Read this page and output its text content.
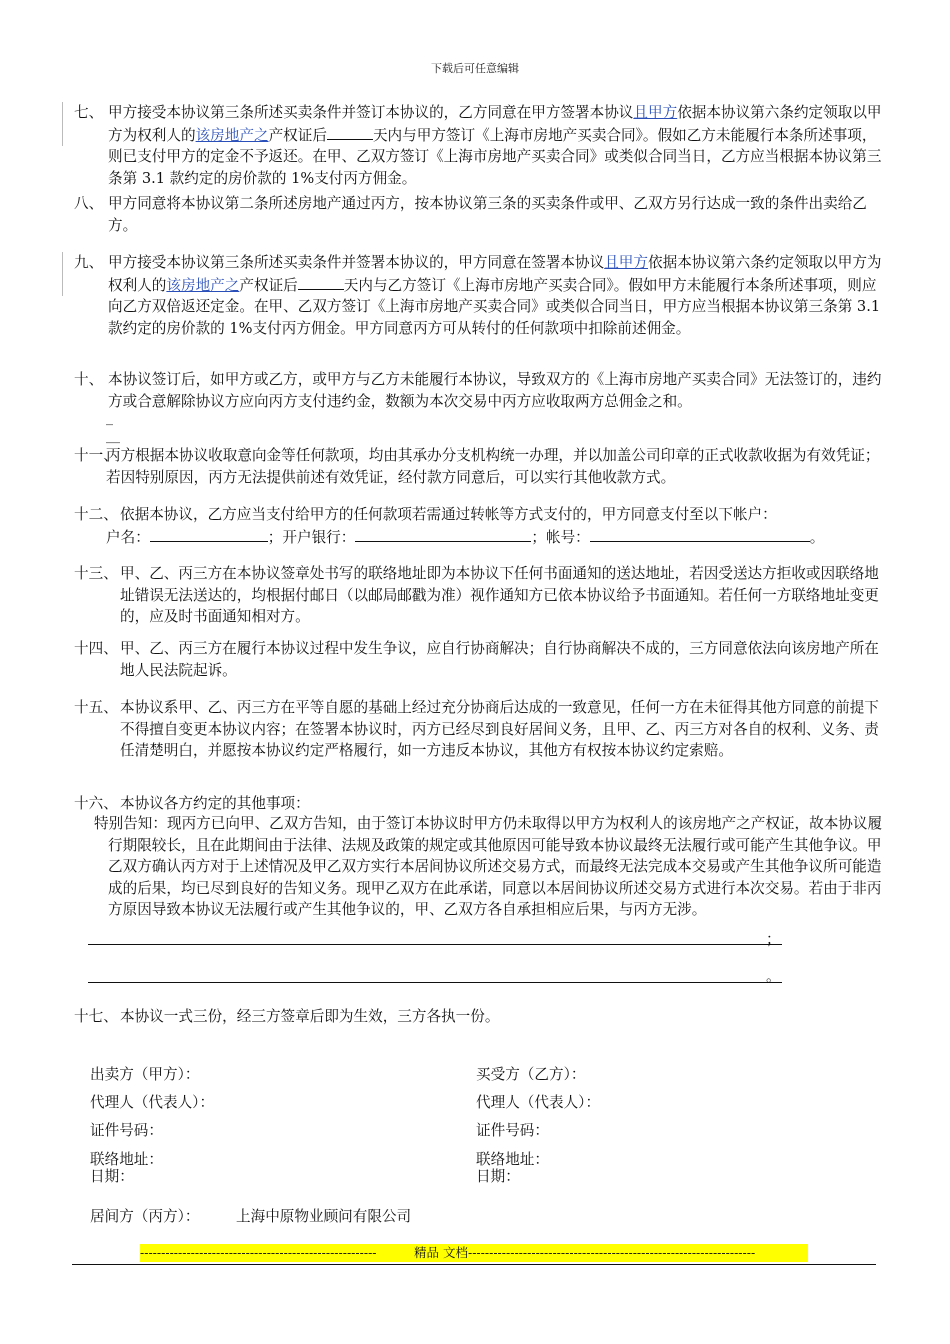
下载后可任意编辑
七、 甲方接受本协议第三条所述买卖条件并签订本协议的，乙方同意在甲方签署本协议且甲方依据本协议第六条约定领取以甲方为权利人的该房地产之产权证后	天内与甲方签订《上海市房地产买卖合同》。假如乙方未能履行本条所述事项，则已支付甲方的定金不予返还。在甲、乙双方签订《上海市房地产买卖合同》或类似合同当日，乙方应当根据本协议第三条第 3.1 款约定的房价款的 1%支付丙方佣金。
八、 甲方同意将本协议第二条所述房地产通过丙方，按本协议第三条的买卖条件或甲、乙双方另行达成一致的条件出卖给乙方。
九、 甲方接受本协议第三条所述买卖条件并签署本协议的，甲方同意在签署本协议且甲方依据本协议第六条约定领取以甲方为权利人的该房地产之产权证后	天内与乙方签订《上海市房地产买卖合同》。假如甲方未能履行本条所述事项，则应向乙方双倍返还定金。在甲、乙双方签订《上海市房地产买卖合同》或类似合同当日，甲方应当根据本协议第三条第 3.1 款约定的房价款的 1%支付丙方佣金。甲方同意丙方可从转付的任何款项中扣除前述佣金。
十、 本协议签订后，如甲方或乙方，或甲方与乙方未能履行本协议，导致双方的《上海市房地产买卖合同》无法签订的，违约方或合意解除协议方应向丙方支付违约金，数额为本次交易中丙方应收取两方总佣金之和。
_
__
十一、
丙方根据本协议收取意向金等任何款项，均由其承办分支机构统一办理，并以加盖公司印章的正式收款收据为有效凭证；若因特别原因，丙方无法提供前述有效凭证，经付款方同意后，可以实行其他收款方式。
十二、 依据本协议，乙方应当支付给甲方的任何款项若需通过转帐等方式支付的，甲方同意支付至以下帐户：
户名：	；开户银行：	；帐号：	。
十三、 甲、乙、丙三方在本协议签章处书写的联络地址即为本协议下任何书面通知的送达地址，若因受送达方拒收或因联络地址错误无法送达的，均根据付邮日（以邮局邮戳为准）视作通知方已依本协议给予书面通知。若任何一方联络地址变更的，应及时书面通知相对方。
十四、 甲、乙、丙三方在履行本协议过程中发生争议，应自行协商解决；自行协商解决不成的，三方同意依法向该房地产所在地人民法院起诉。
十五、 本协议系甲、乙、丙三方在平等自愿的基础上经过充分协商后达成的一致意见，任何一方在未征得其他方同意的前提下不得擅自变更本协议内容；在签署本协议时，丙方已经尽到良好居间义务，且甲、乙、丙三方对各自的权利、义务、责任清楚明白，并愿按本协议约定严格履行，如一方违反本协议，其他方有权按本协议约定索赔。
十六、 本协议各方约定的其他事项：
特别告知：现丙方已向甲、乙双方告知，由于签订本协议时甲方仍未取得以甲方为权利人的该房地产之产权证，故本协议履行期限较长，且在此期间由于法律、法规及政策的规定或其他原因可能导致本协议最终无法履行或可能产生其他争议。甲乙双方确认丙方对于上述情况及甲乙双方实行本居间协议所述交易方式，而最终无法完成本交易或产生其他争议所可能造成的后果，均已尽到良好的告知义务。现甲乙双方在此承诺，同意以本居间协议所述交易方式进行本次交易。若由于非丙方原因导致本协议无法履行或产生其他争议的，甲、乙双方各自承担相应后果，与丙方无涉。
；
。
十七、 本协议一式三份，经三方签章后即为生效，三方各执一份。
出卖方（甲方）：	买受方（乙方）：
代理人（代表人）：	代理人（代表人）：
证件号码：	证件号码：
联络地址：	联络地址：
日期：	日期：
居间方（丙方）：	上海中原物业顾问有限公司
--------------------------------------------------------	精品 文档--------------------------------------------------------------------
